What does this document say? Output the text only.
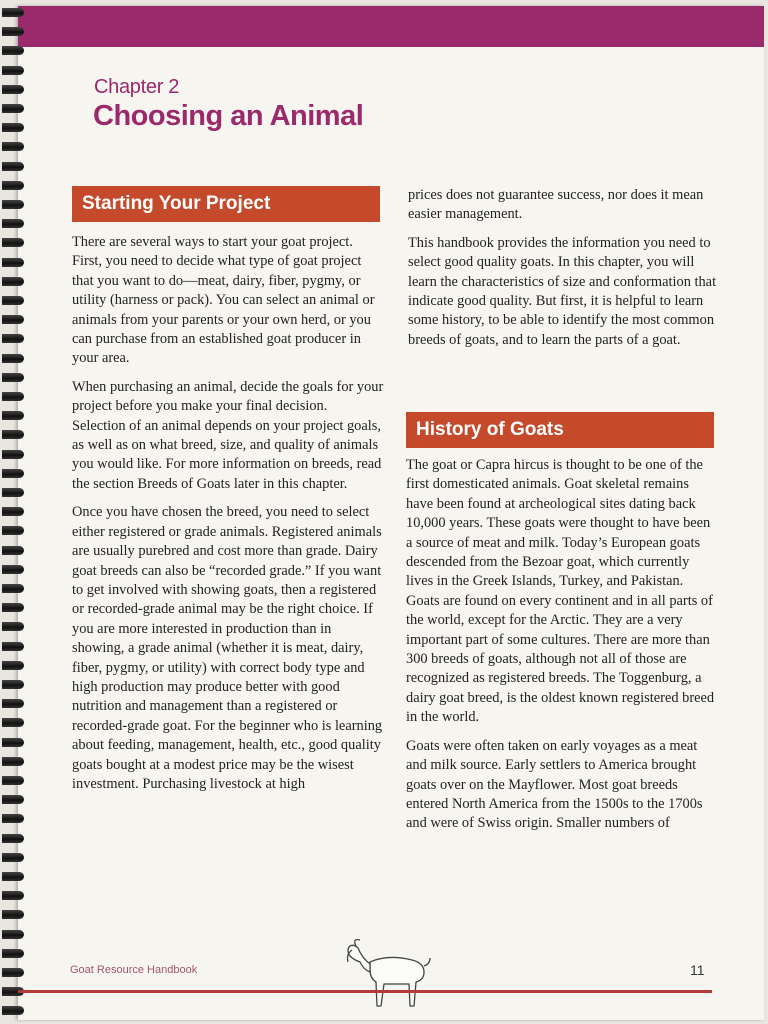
Chapter 2
Choosing an Animal
Starting Your Project

There are several ways to start your goat project. First, you need to decide what type of goat project that you want to do—meat, dairy, fiber, pygmy, or utility (harness or pack). You can select an animal or animals from your parents or your own herd, or you can purchase from an established goat producer in your area.

When purchasing an animal, decide the goals for your project before you make your final decision. Selection of an animal depends on your project goals, as well as on what breed, size, and quality of animals you would like. For more information on breeds, read the section Breeds of Goats later in this chapter.

Once you have chosen the breed, you need to select either registered or grade animals. Registered animals are usually purebred and cost more than grade. Dairy goat breeds can also be “recorded grade.” If you want to get involved with showing goats, then a registered or recorded-grade animal may be the right choice. If you are more interested in production than in showing, a grade animal (whether it is meat, dairy, fiber, pygmy, or utility) with correct body type and high production may produce better with good nutrition and management than a registered or recorded-grade goat. For the beginner who is learning about feeding, management, health, etc., good quality goats bought at a modest price may be the wisest investment. Purchasing livestock at high

prices does not guarantee success, nor does it mean easier management.

This handbook provides the information you need to select good quality goats. In this chapter, you will learn the characteristics of size and conformation that indicate good quality. But first, it is helpful to learn some history, to be able to identify the most common breeds of goats, and to learn the parts of a goat.

History of Goats

The goat or Capra hircus is thought to be one of the first domesticated animals. Goat skeletal remains have been found at archeological sites dating back 10,000 years. These goats were thought to have been a source of meat and milk. Today’s European goats descended from the Bezoar goat, which currently lives in the Greek Islands, Turkey, and Pakistan. Goats are found on every continent and in all parts of the world, except for the Arctic. They are a very important part of some cultures. There are more than 300 breeds of goats, although not all of those are recognized as registered breeds. The Toggenburg, a dairy goat breed, is the oldest known registered breed in the world.

Goats were often taken on early voyages as a meat and milk source. Early settlers to America brought goats over on the Mayflower. Most goat breeds entered North America from the 1500s to the 1700s and were of Swiss origin. Smaller numbers of

Goat Resource Handbook	11
